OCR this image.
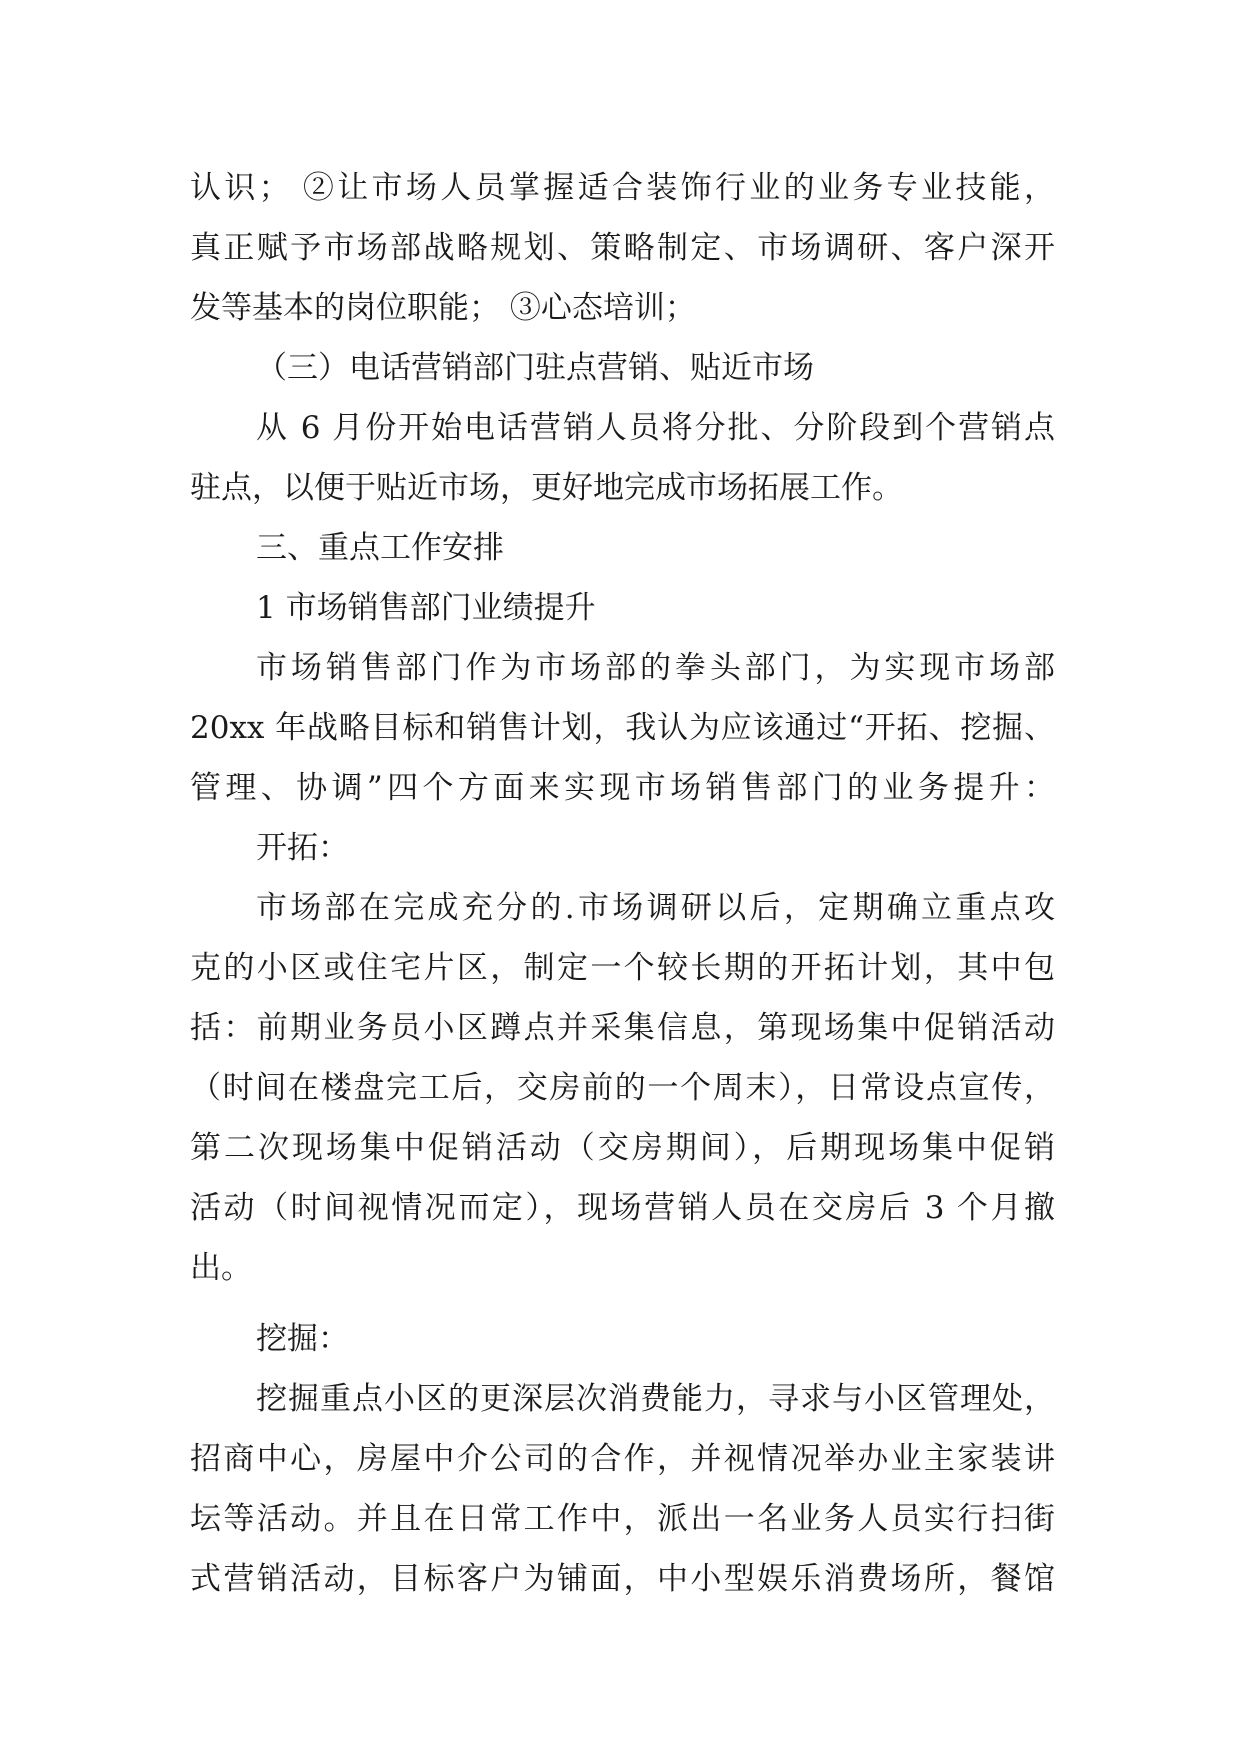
认识； ②让市场人员掌握适合装饰行业的业务专业技能，
真正赋予市场部战略规划、策略制定、市场调研、客户深开
发等基本的岗位职能； ③心态培训；
（三）电话营销部门驻点营销、贴近市场
从 6 月份开始电话营销人员将分批、分阶段到个营销点
驻点，以便于贴近市场，更好地完成市场拓展工作。
三、重点工作安排
1 市场销售部门业绩提升
市场销售部门作为市场部的拳头部门，为实现市场部
20xx 年战略目标和销售计划，我认为应该通过“开拓、挖掘、
管理、协调”四个方面来实现市场销售部门的业务提升：
开拓：
市场部在完成充分的.市场调研以后，定期确立重点攻
克的小区或住宅片区，制定一个较长期的开拓计划，其中包
括：前期业务员小区蹲点并采集信息，第现场集中促销活动
（时间在楼盘完工后，交房前的一个周末），日常设点宣传，
第二次现场集中促销活动（交房期间），后期现场集中促销
活动（时间视情况而定），现场营销人员在交房后 3 个月撤
出。
挖掘：
挖掘重点小区的更深层次消费能力，寻求与小区管理处，
招商中心，房屋中介公司的合作，并视情况举办业主家装讲
坛等活动。并且在日常工作中，派出一名业务人员实行扫街
式营销活动，目标客户为铺面，中小型娱乐消费场所，餐馆
